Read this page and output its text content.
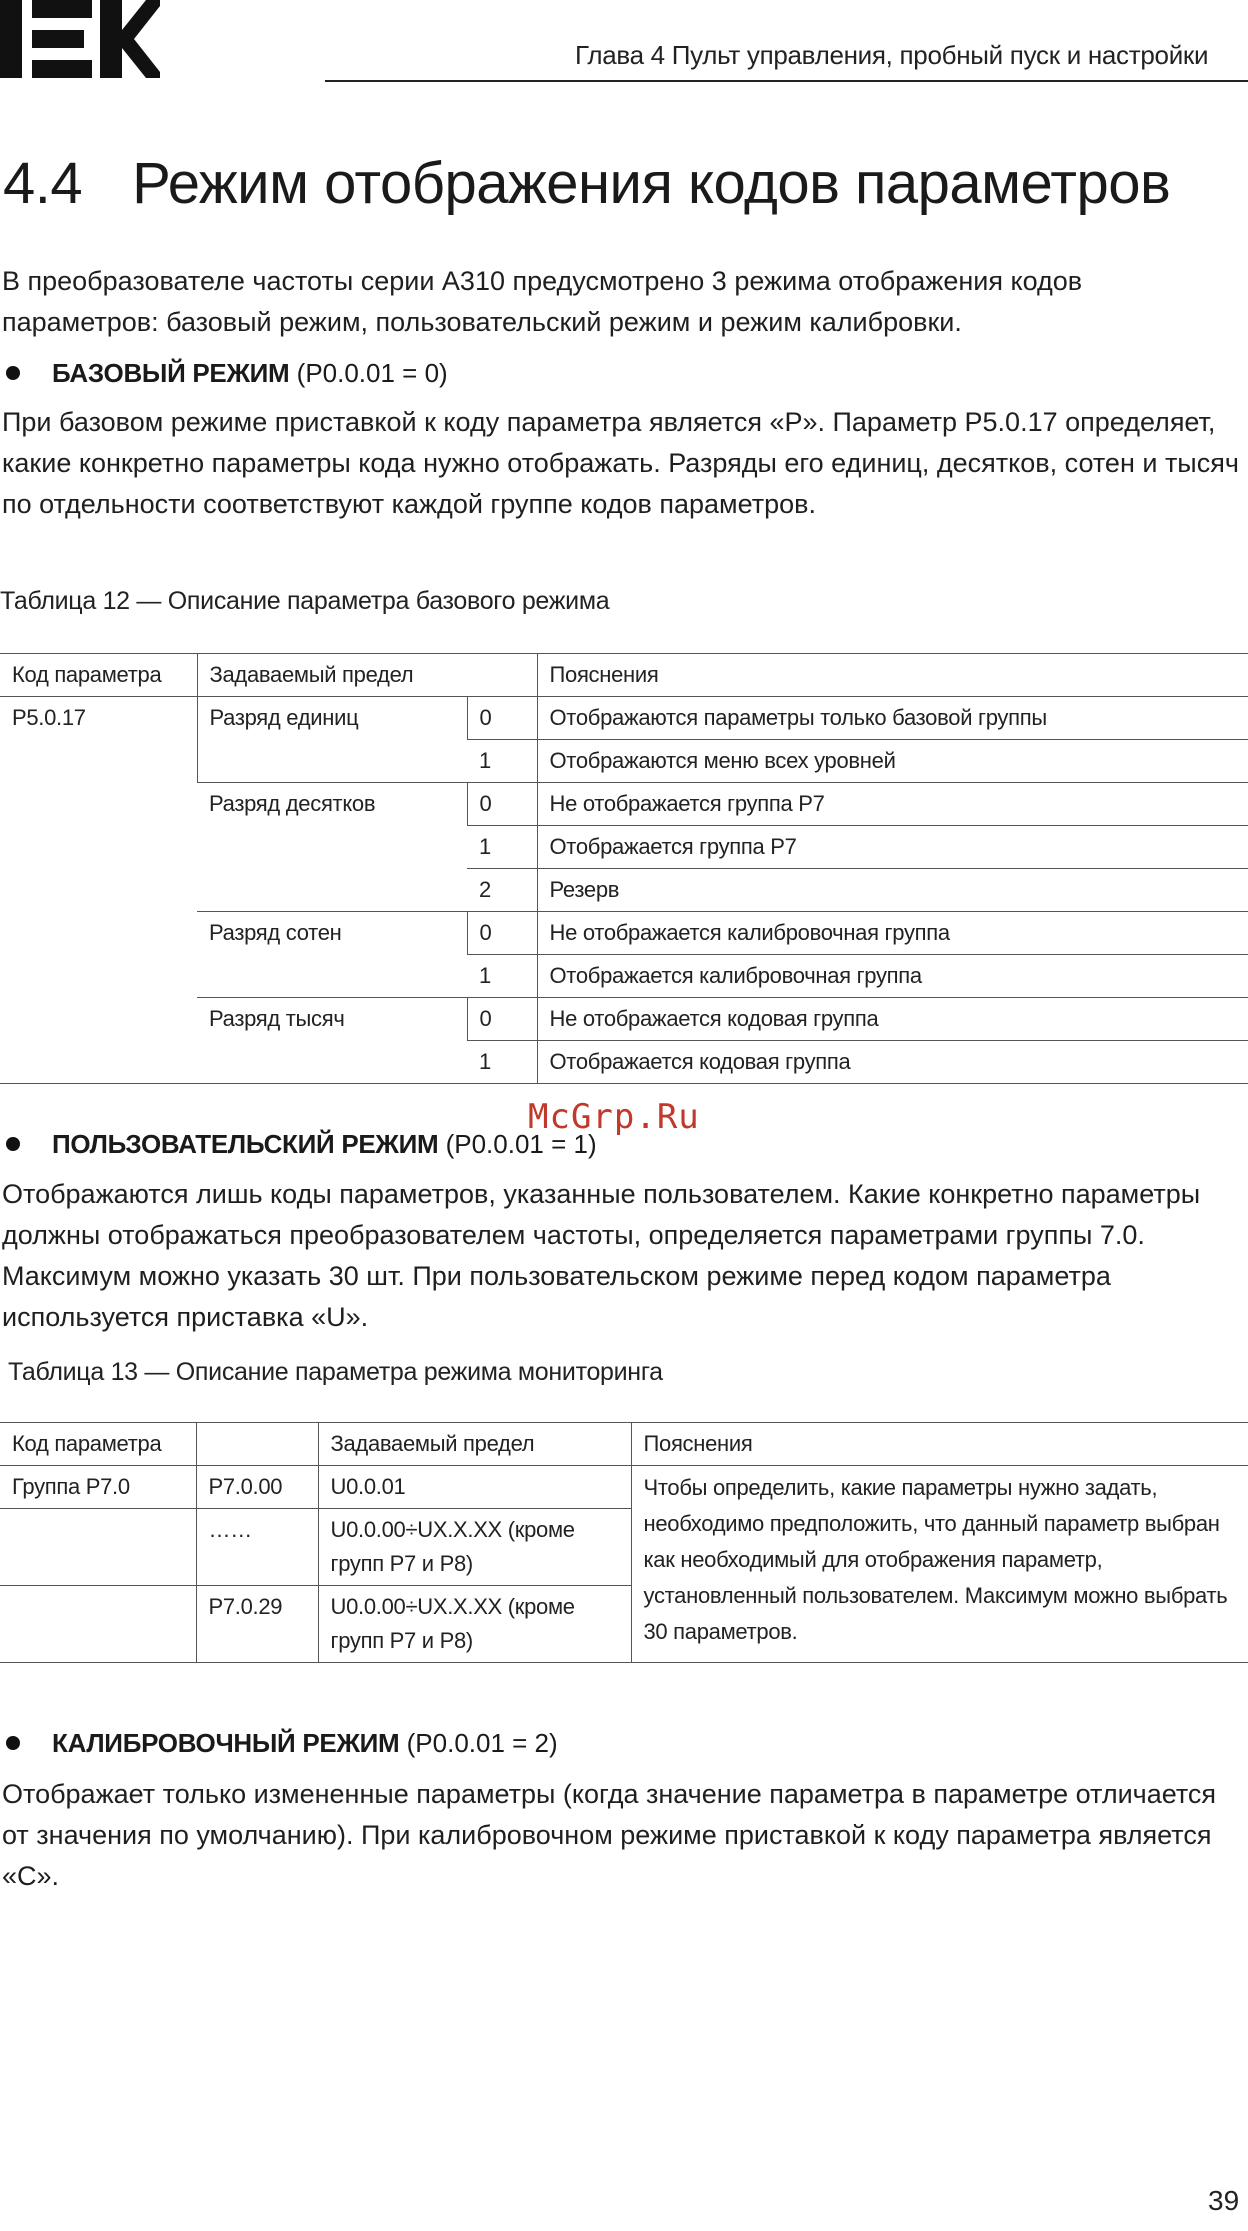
Глава 4 Пульт управления, пробный пуск и настройки
4.4 Режим отображения кодов параметров
В преобразователе частоты серии А310 предусмотрено 3 режима отображения кодов параметров: базовый режим, пользовательский режим и режим калибровки.
БАЗОВЫЙ РЕЖИМ (P0.0.01 = 0)
При базовом режиме приставкой к коду параметра является «P». Параметр P5.0.17 определяет, какие конкретно параметры кода нужно отображать. Разряды его единиц, десятков, сотен и тысяч по отдельности соответствуют каждой группе кодов параметров.
Таблица 12 — Описание параметра базового режима
Код параметра	Задаваемый предел		Пояснения
P5.0.17	Разряд единиц	0	Отображаются параметры только базовой группы
		1	Отображаются меню всех уровней
	Разряд десятков	0	Не отображается группа P7
		1	Отображается группа P7
		2	Резерв
	Разряд сотен	0	Не отображается калибровочная группа
		1	Отображается калибровочная группа
	Разряд тысяч	0	Не отображается кодовая группа
		1	Отображается кодовая группа
McGrp.Ru
ПОЛЬЗОВАТЕЛЬСКИЙ РЕЖИМ (P0.0.01 = 1)
Отображаются лишь коды параметров, указанные пользователем. Какие конкретно параметры должны отображаться преобразователем частоты, определяется параметрами группы 7.0. Максимум можно указать 30 шт. При пользовательском режиме перед кодом параметра используется приставка «U».
Таблица 13 — Описание параметра режима мониторинга
Код параметра		Задаваемый предел	Пояснения
Группа P7.0	P7.0.00	U0.0.01	Чтобы определить, какие параметры нужно задать, необходимо предположить, что данный параметр выбран как необходимый для отображения параметр, установленный пользователем. Максимум можно выбрать 30 параметров.
	……	U0.0.00÷UX.X.XX (кроме групп P7 и P8)	
	P7.0.29	U0.0.00÷UX.X.XX (кроме групп P7 и P8)	
КАЛИБРОВОЧНЫЙ РЕЖИМ (P0.0.01 = 2)
Отображает только измененные параметры (когда значение параметра в параметре отличается от значения по умолчанию). При калибровочном режиме приставкой к коду параметра является «C».
39
